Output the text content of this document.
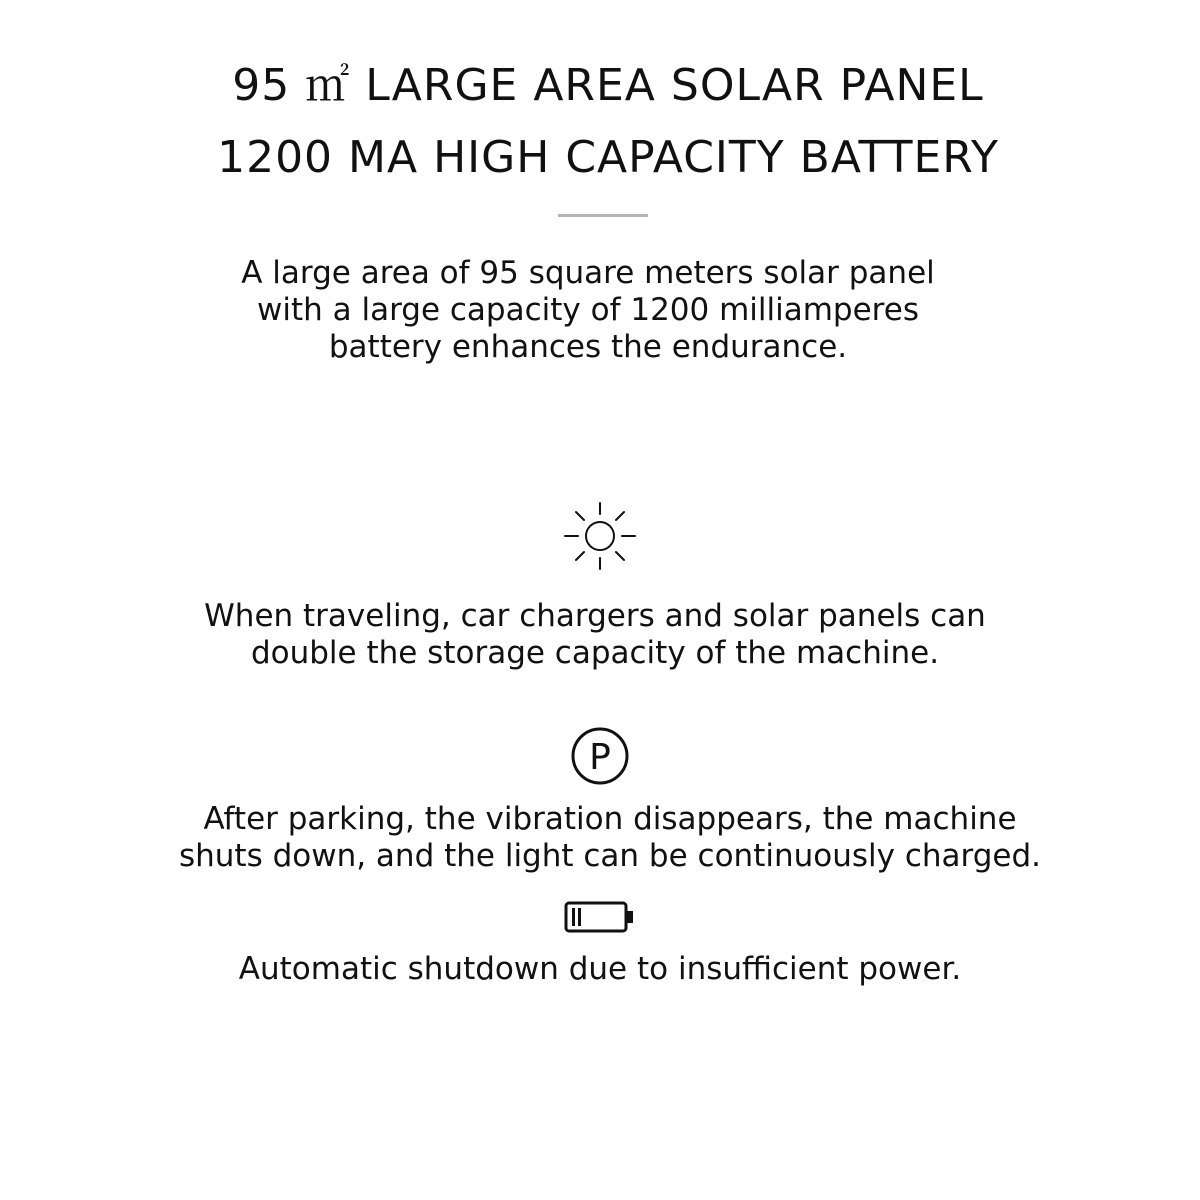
95 ㎡ LARGE AREA SOLAR PANEL
1200 MA HIGH CAPACITY BATTERY
A large area of 95 square meters solar panel
with a large capacity of 1200 milliamperes
battery enhances the endurance.
When traveling, car chargers and solar panels can
double the storage capacity of the machine.
P
After parking, the vibration disappears, the machine
shuts down, and the light can be continuously charged.
Automatic shutdown due to insufficient power.
